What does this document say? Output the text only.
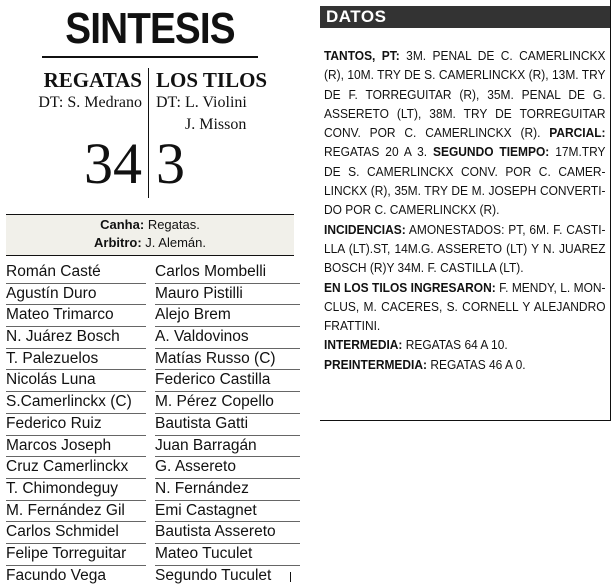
SINTESIS
REGATAS LOS TILOS
DT: S. Medrano DT: L. Violini
J. Misson
34 3
Canha: Regatas.
Arbitro: J. Alemán.
Román Casté
Agustín Duro
Mateo Trimarco
N. Juárez Bosch
T. Palezuelos
Nicolás Luna
S.Camerlinckx (C)
Federico Ruiz
Marcos Joseph
Cruz Camerlinckx
T. Chimondeguy
M. Fernández Gil
Carlos Schmidel
Felipe Torreguitar
Facundo Vega
Carlos Mombelli
Mauro Pistilli
Alejo Brem
A. Valdovinos
Matías Russo (C)
Federico Castilla
M. Pérez Copello
Bautista Gatti
Juan Barragán
G. Assereto
N. Fernández
Emi Castagnet
Bautista Assereto
Mateo Tuculet
Segundo Tuculet
DATOS

TANTOS, PT: 3M. PENAL DE C. CAMERLINCKX (R), 10M. TRY DE S. CAMERLINCKX (R), 13M. TRY DE F. TORREGUITAR (R), 35M. PENAL DE G. ASSERETO (LT), 38M. TRY DE TORREGUITAR CONV. POR C. CAMERLINCKX (R). PARCIAL: REGATAS 20 A 3. SEGUNDO TIEMPO: 17M.TRY DE S. CAMERLINCKX CONV. POR C. CAMER-LINCKX (R), 35M. TRY DE M. JOSEPH CONVERTI-DO POR C. CAMERLINCKX (R).

INCIDENCIAS: AMONESTADOS: PT, 6M. F. CASTI-LLA (LT).ST, 14M.G. ASSERETO (LT) Y N. JUAREZ BOSCH (R)Y 34M. F. CASTILLA (LT).

EN LOS TILOS INGRESARON: F. MENDY, L. MON-CLUS, M. CACERES, S. CORNELL Y ALEJANDRO FRATTINI.

INTERMEDIA: REGATAS 64 A 10.

PREINTERMEDIA: REGATAS 46 A 0.
